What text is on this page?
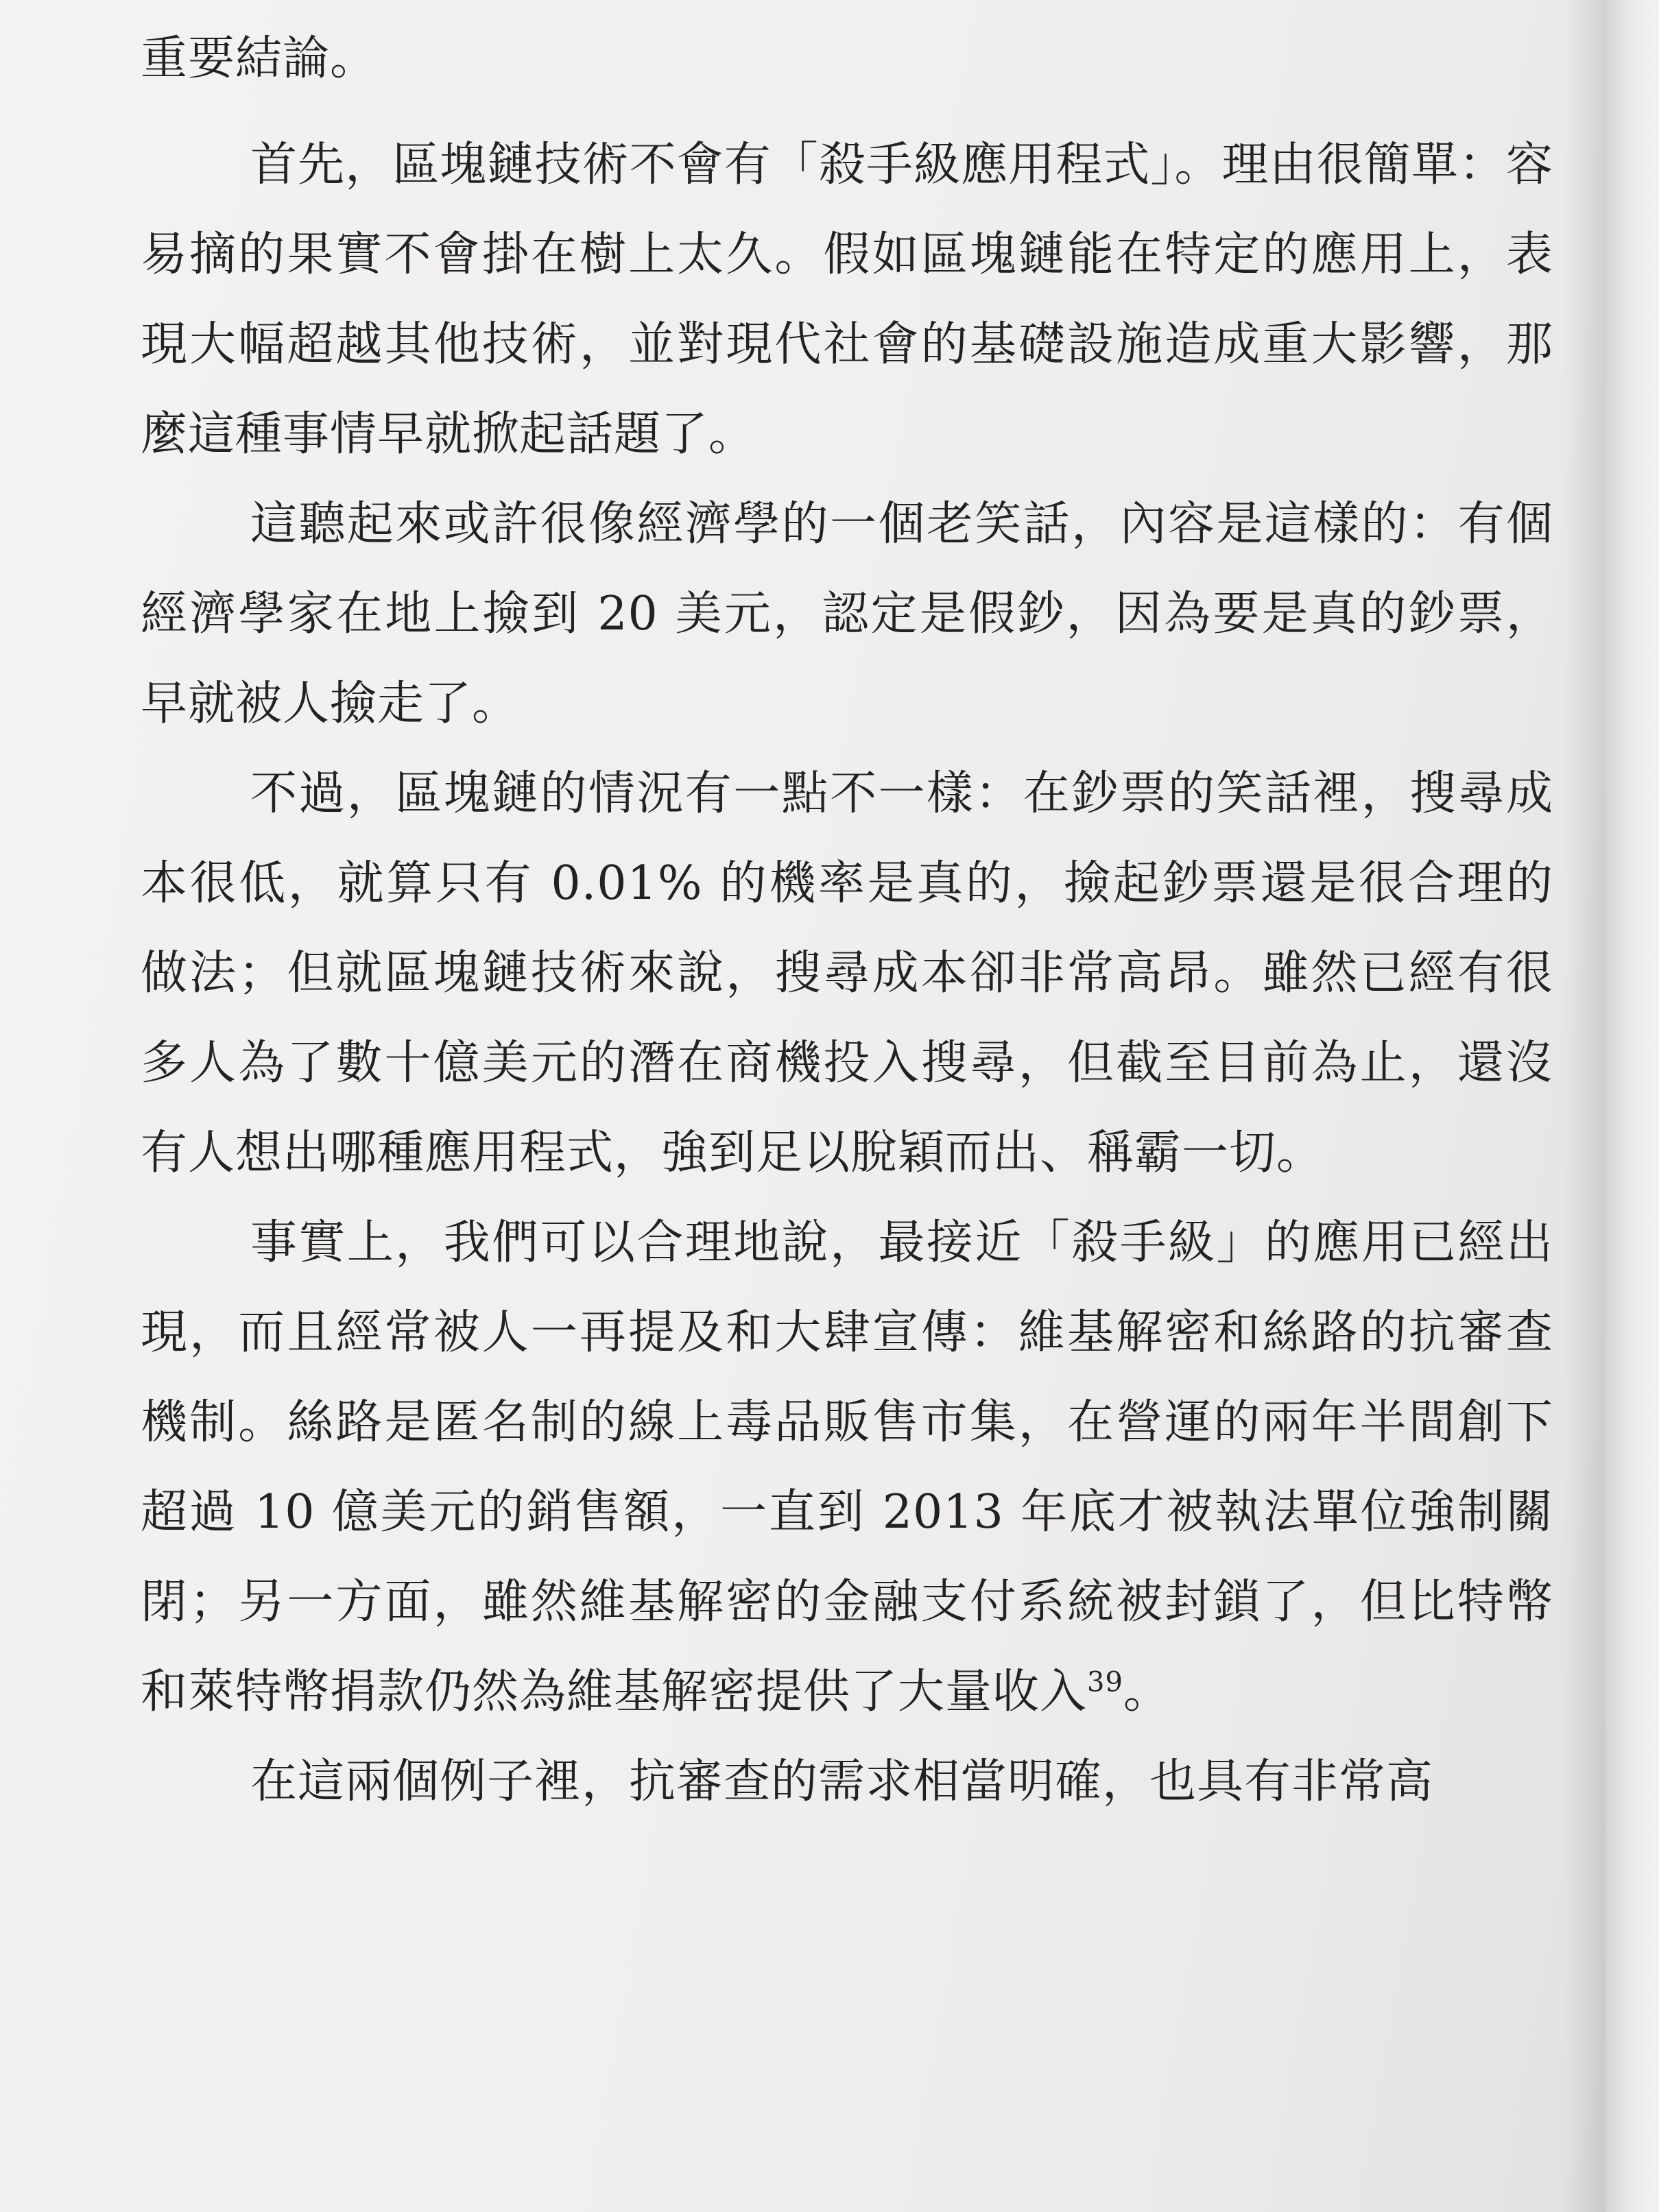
重要結論。

首先，區塊鏈技術不會有「殺手級應用程式」。理由很簡單：容易摘的果實不會掛在樹上太久。假如區塊鏈能在特定的應用上，表現大幅超越其他技術，並對現代社會的基礎設施造成重大影響，那麼這種事情早就掀起話題了。

這聽起來或許很像經濟學的一個老笑話，內容是這樣的：有個經濟學家在地上撿到 20 美元，認定是假鈔，因為要是真的鈔票，早就被人撿走了。

不過，區塊鏈的情況有一點不一樣：在鈔票的笑話裡，搜尋成本很低，就算只有 0.01% 的機率是真的，撿起鈔票還是很合理的做法；但就區塊鏈技術來說，搜尋成本卻非常高昂。雖然已經有很多人為了數十億美元的潛在商機投入搜尋，但截至目前為止，還沒有人想出哪種應用程式，強到足以脫穎而出、稱霸一切。

事實上，我們可以合理地說，最接近「殺手級」的應用已經出現，而且經常被人一再提及和大肆宣傳：維基解密和絲路的抗審查機制。絲路是匿名制的線上毒品販售市集，在營運的兩年半間創下超過 10 億美元的銷售額，一直到 2013 年底才被執法單位強制關閉；另一方面，雖然維基解密的金融支付系統被封鎖了，但比特幣和萊特幣捐款仍然為維基解密提供了大量收入$^{39}$。

在這兩個例子裡，抗審查的需求相當明確，也具有非常高
